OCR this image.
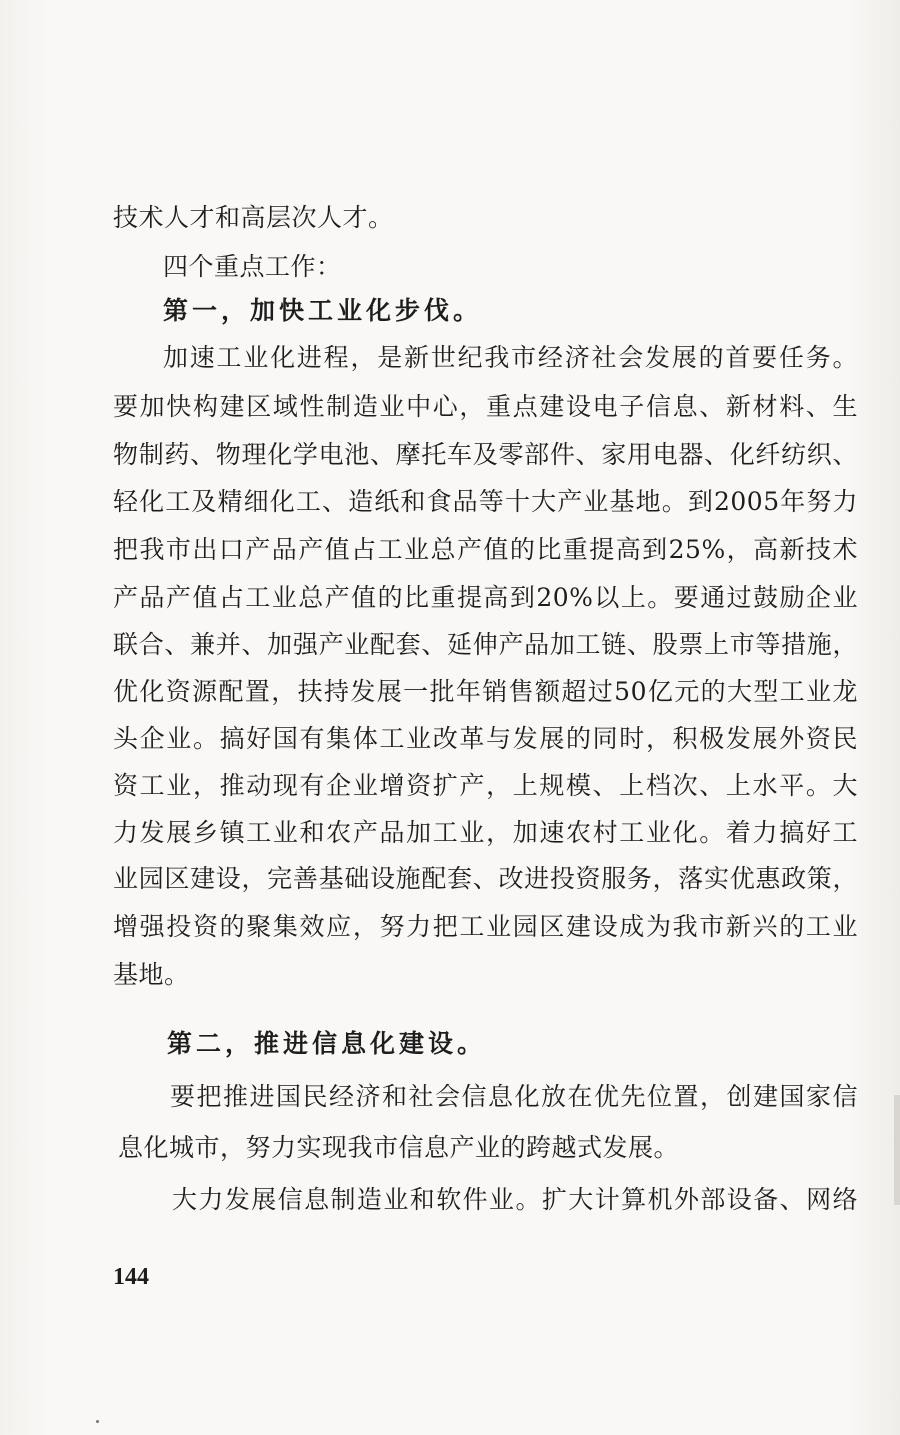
技术人才和高层次人才。
四个重点工作：
第一，加快工业化步伐。
加速工业化进程，是新世纪我市经济社会发展的首要任务。
要加快构建区域性制造业中心，重点建设电子信息、新材料、生
物制药、物理化学电池、摩托车及零部件、家用电器、化纤纺织、
轻化工及精细化工、造纸和食品等十大产业基地。到2005年努力
把我市出口产品产值占工业总产值的比重提高到25%，高新技术
产品产值占工业总产值的比重提高到20%以上。要通过鼓励企业
联合、兼并、加强产业配套、延伸产品加工链、股票上市等措施，
优化资源配置，扶持发展一批年销售额超过50亿元的大型工业龙
头企业。搞好国有集体工业改革与发展的同时，积极发展外资民
资工业，推动现有企业增资扩产，上规模、上档次、上水平。大
力发展乡镇工业和农产品加工业，加速农村工业化。着力搞好工
业园区建设，完善基础设施配套、改进投资服务，落实优惠政策，
增强投资的聚集效应，努力把工业园区建设成为我市新兴的工业
基地。
第二，推进信息化建设。
要把推进国民经济和社会信息化放在优先位置，创建国家信
息化城市，努力实现我市信息产业的跨越式发展。
大力发展信息制造业和软件业。扩大计算机外部设备、网络
144
